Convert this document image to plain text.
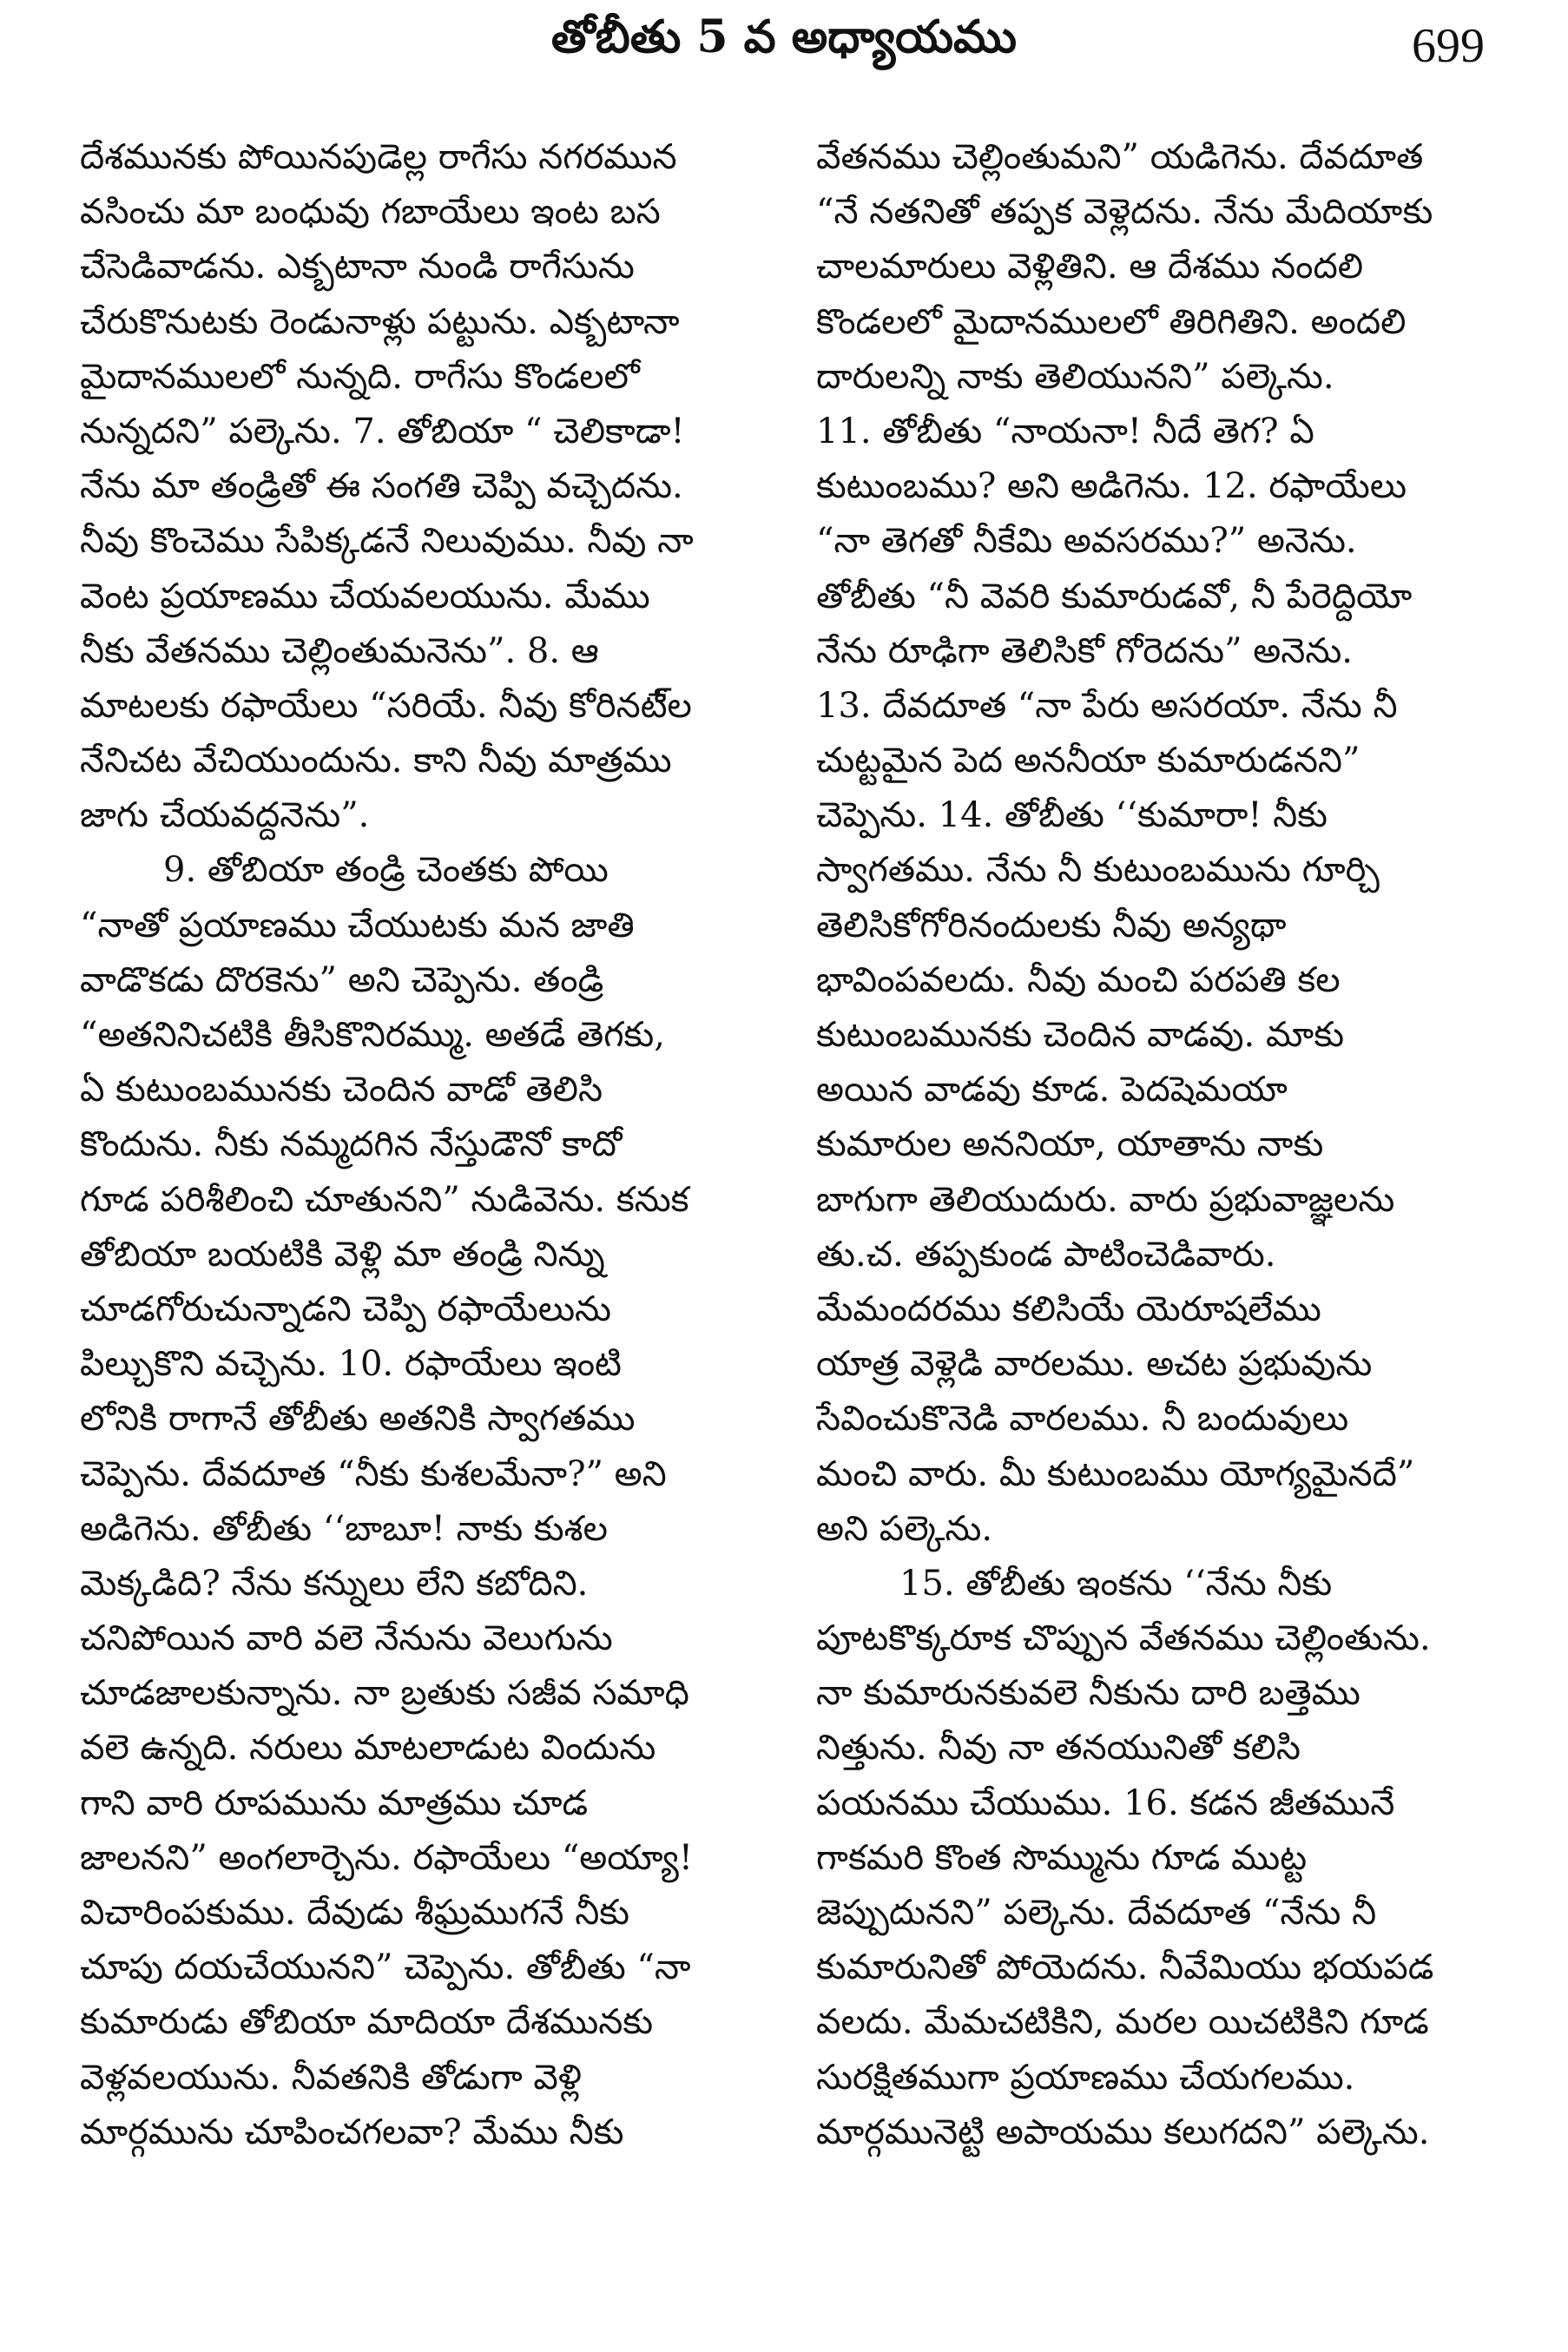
తోబీతు 5 వ అధ్యాయము	699
దేశమునకు పోయినపుడెల్ల రాగేసు నగరమున
వసించు మా బంధువు గబాయేలు ఇంట బస
చేసెడివాడను. ఎక్బటానా నుండి రాగేసును
చేరుకొనుటకు రెండునాళ్లు పట్టును. ఎక్బటానా
మైదానములలో నున్నది. రాగేసు కొండలలో
నున్నదని” పల్కెను. 7. తోబియా “ చెలికాడా!
నేను మా తండ్రితో ఈ సంగతి చెప్పి వచ్చెదను.
నీవు కొంచెము సేపిక్కడనే నిలువుము. నీవు నా
వెంట ప్రయాణము చేయవలయును. మేము
నీకు వేతనము చెల్లింతుమనెను”. 8. ఆ
మాటలకు రఫాయేలు “సరియే. నీవు కోరినటే్ల
నేనిచట వేచియుందును. కాని నీవు మాత్రము
జాగు చేయవద్దనెను”.
9. తోబియా తండ్రి చెంతకు పోయి
“నాతో ప్రయాణము చేయుటకు మన జాతి
వాడొకడు దొరకెను” అని చెప్పెను. తండ్రి
“అతనినిచటికి తీసికొనిరమ్ము. అతడే తెగకు,
ఏ కుటుంబమునకు చెందిన వాడో తెలిసి
కొందును. నీకు నమ్మదగిన నేస్తుడౌనో కాదో
గూడ పరిశీలించి చూతునని” నుడివెను. కనుక
తోబియా బయటికి వెళ్లి మా తండ్రి నిన్ను
చూడగోరుచున్నాడని చెప్పి రఫాయేలును
పిల్చుకొని వచ్చెను. 10. రఫాయేలు ఇంటి
లోనికి రాగానే తోబీతు అతనికి స్వాగతము
చెప్పెను. దేవదూత “నీకు కుశలమేనా?” అని
అడిగెను. తోబీతు ‘‘బాబూ! నాకు కుశల
మెక్కడిది? నేను కన్నులు లేని కబోదిని.
చనిపోయిన వారి వలె నేనును వెలుగును
చూడజాలకున్నాను. నా బ్రతుకు సజీవ సమాధి
వలె ఉన్నది. నరులు మాటలాడుట విందును
గాని వారి రూపమును మాత్రము చూడ
జాలనని” అంగలార్చెను. రఫాయేలు “అయ్యా!
విచారింపకుము. దేవుడు శీఘ్రముగనే నీకు
చూపు దయచేయునని” చెప్పెను. తోబీతు “నా
కుమారుడు తోబియా మాదియా దేశమునకు
వెళ్లవలయును. నీవతనికి తోడుగా వెళ్లి
మార్గమును చూపించగలవా? మేము నీకు
వేతనము చెల్లింతుమని” యడిగెను. దేవదూత
“నే నతనితో తప్పక వెళ్లెదను. నేను మేదియాకు
చాలమారులు వెళ్లితిని. ఆ దేశము నందలి
కొండలలో మైదానములలో తిరిగితిని. అందలి
దారులన్ని నాకు తెలియునని” పల్కెను.
11. తోబీతు “నాయనా! నీదే తెగ? ఏ
కుటుంబము? అని అడిగెను. 12. రఫాయేలు
“నా తెగతో నీకేమి అవసరము?” అనెను.
తోబీతు “నీ వెవరి కుమారుడవో, నీ పేరెద్దియో
నేను రూఢిగా తెలిసికో గోరెదను” అనెను.
13. దేవదూత “నా పేరు అసరయా. నేను నీ
చుట్టమైన పెద అననీయా కుమారుడనని”
చెప్పెను. 14. తోబీతు ‘‘కుమారా! నీకు
స్వాగతము. నేను నీ కుటుంబమును గూర్చి
తెలిసికోగోరినందులకు నీవు అన్యథా
భావింపవలదు. నీవు మంచి పరపతి కల
కుటుంబమునకు చెందిన వాడవు. మాకు
అయిన వాడవు కూడ. పెదషెమయా
కుమారుల అననియా, యాతాను నాకు
బాగుగా తెలియుదురు. వారు ప్రభువాజ్ఞలను
తు.చ. తప్పకుండ పాటించెడివారు.
మేమందరము కలిసియే యెరూషలేము
యాత్ర వెళ్లెడి వారలము. అచట ప్రభువును
సేవించుకొనెడి వారలము. నీ బందువులు
మంచి వారు. మీ కుటుంబము యోగ్యమైనదే”
అని పల్కెను.
15. తోబీతు ఇంకను ‘‘నేను నీకు
పూటకొక్కరూక చొప్పున వేతనము చెల్లింతును.
నా కుమారునకువలె నీకును దారి బత్తెము
నిత్తును. నీవు నా తనయునితో కలిసి
పయనము చేయుము. 16. కడన జీతమునే
గాకమరి కొంత సొమ్మును గూడ ముట్ట
జెప్పుదునని” పల్కెను. దేవదూత “నేను నీ
కుమారునితో పోయెదను. నీవేమియు భయపడ
వలదు. మేమచటికిని, మరల యిచటికిని గూడ
సురక్షితముగా ప్రయాణము చేయగలము.
మార్గమునెట్టి అపాయము కలుగదని” పల్కెను.
